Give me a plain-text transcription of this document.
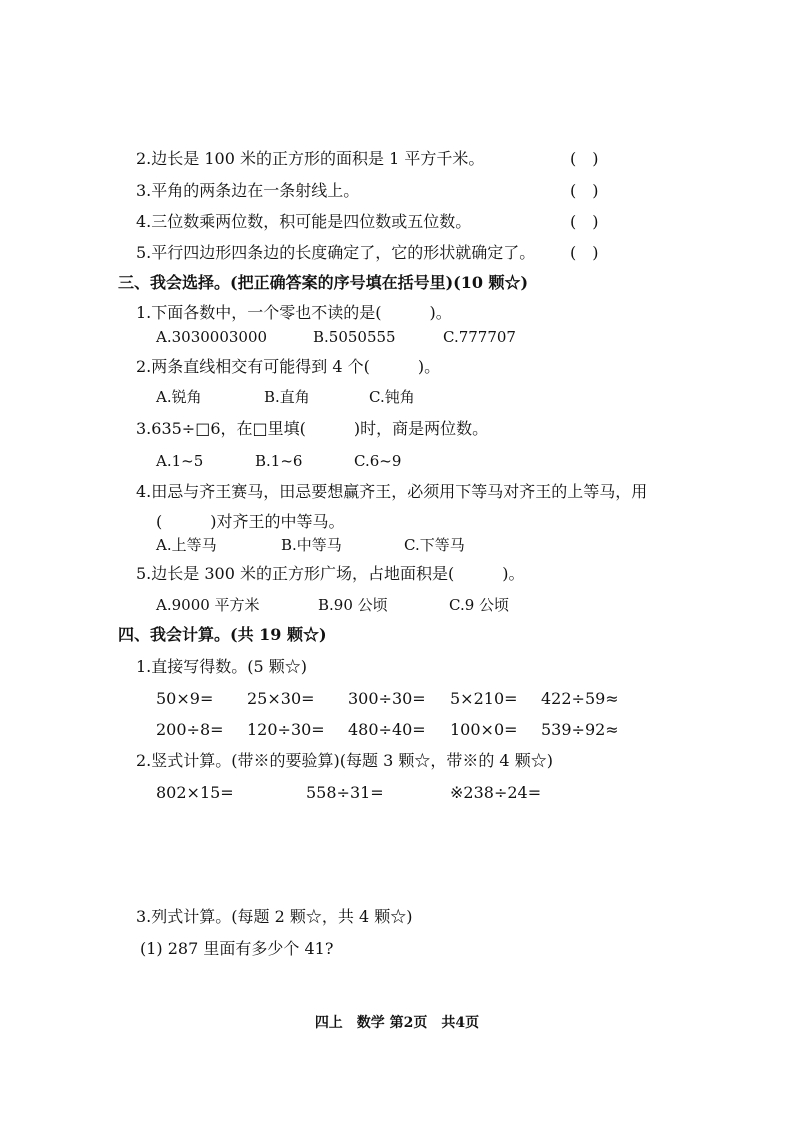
2.边长是 100 米的正方形的面积是 1 平方千米。	(　)
3.平角的两条边在一条射线上。	(　)
4.三位数乘两位数，积可能是四位数或五位数。	(　)
5.平行四边形四条边的长度确定了，它的形状就确定了。 (　)
三、我会选择。(把正确答案的序号填在括号里)(10 颗☆)
1.下面各数中，一个零也不读的是(　　　)。
A.3030003000	B.5050555	C.777707
2.两条直线相交有可能得到 4 个(　　　)。
A.锐角	B.直角	C.钝角
3.635÷□6，在□里填(　　　)时，商是两位数。
A.1~5	B.1~6	C.6~9
4.田忌与齐王赛马，田忌要想赢齐王，必须用下等马对齐王的上等马，用
(　　　)对齐王的中等马。
A.上等马	B.中等马	C.下等马
5.边长是 300 米的正方形广场，占地面积是(　　　)。
A.9000 平方米	B.90 公顷	C.9 公顷
四、我会计算。(共 19 颗☆)
1.直接写得数。(5 颗☆)
50×9= 25×30= 300÷30= 5×210= 422÷59≈
200÷8= 120÷30= 480÷40= 100×0= 539÷92≈
2.竖式计算。(带※的要验算)(每题 3 颗☆，带※的 4 颗☆)
802×15=	558÷31=	※238÷24=
3.列式计算。(每题 2 颗☆，共 4 颗☆)
(1) 287 里面有多少个 41?
四上　数学 第2页　共4页
